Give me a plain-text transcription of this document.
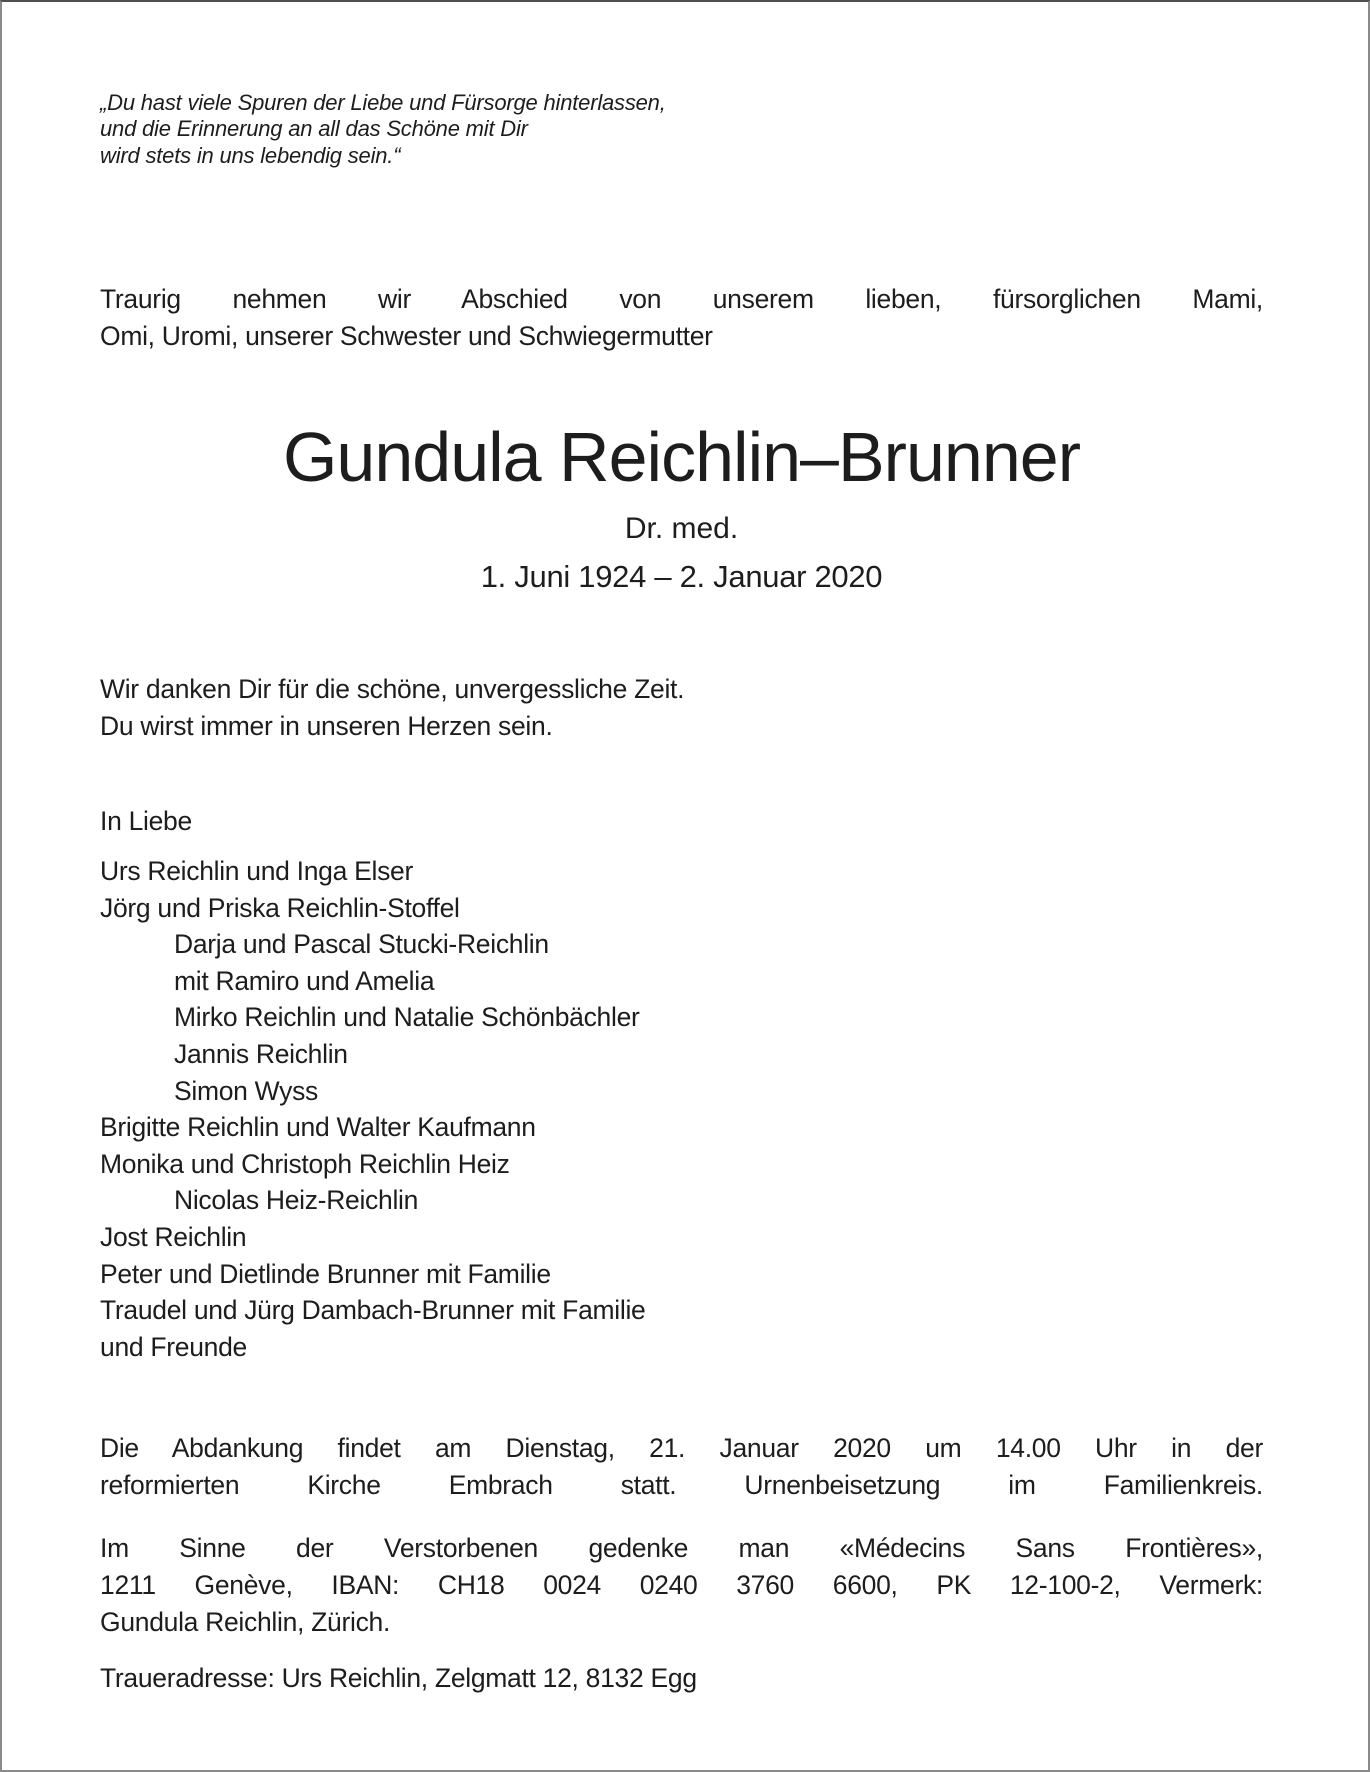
„Du hast viele Spuren der Liebe und Fürsorge hinterlassen,
und die Erinnerung an all das Schöne mit Dir
wird stets in uns lebendig sein.“
Traurig nehmen wir Abschied von unserem lieben, fürsorglichen Mami,
Omi, Uromi, unserer Schwester und Schwiegermutter
Gundula Reichlin–Brunner
Dr. med.
1. Juni 1924 – 2. Januar 2020
Wir danken Dir für die schöne, unvergessliche Zeit.
Du wirst immer in unseren Herzen sein.
In Liebe
Urs Reichlin und Inga Elser
Jörg und Priska Reichlin-Stoffel
Darja und Pascal Stucki-Reichlin
mit Ramiro und Amelia
Mirko Reichlin und Natalie Schönbächler
Jannis Reichlin
Simon Wyss
Brigitte Reichlin und Walter Kaufmann
Monika und Christoph Reichlin Heiz
Nicolas Heiz-Reichlin
Jost Reichlin
Peter und Dietlinde Brunner mit Familie
Traudel und Jürg Dambach-Brunner mit Familie
und Freunde
Die Abdankung findet am Dienstag, 21. Januar 2020 um 14.00 Uhr in der
reformierten Kirche Embrach statt. Urnenbeisetzung im Familienkreis.
Im Sinne der Verstorbenen gedenke man «Médecins Sans Frontières»,
1211 Genève, IBAN: CH18 0024 0240 3760 6600, PK 12-100-2, Vermerk:
Gundula Reichlin, Zürich.
Traueradresse: Urs Reichlin, Zelgmatt 12, 8132 Egg
